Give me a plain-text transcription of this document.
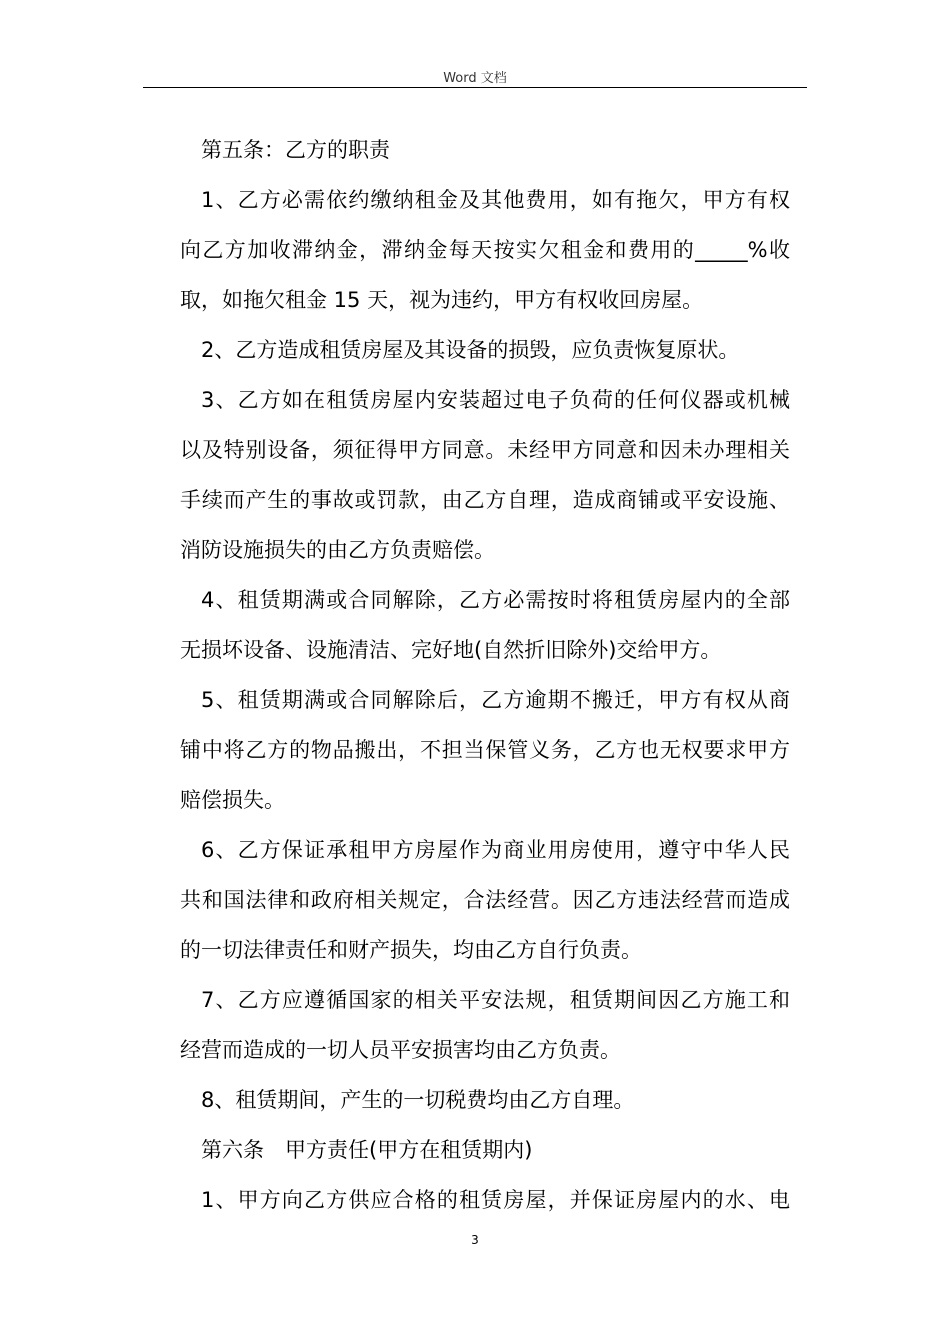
Word 文档
第五条：乙方的职责
1、乙方必需依约缴纳租金及其他费用，如有拖欠，甲方有权
向乙方加收滞纳金，滞纳金每天按实欠租金和费用的_____%收
取，如拖欠租金 15 天，视为违约，甲方有权收回房屋。
2、乙方造成租赁房屋及其设备的损毁，应负责恢复原状。
3、乙方如在租赁房屋内安装超过电子负荷的任何仪器或机械
以及特别设备，须征得甲方同意。未经甲方同意和因未办理相关
手续而产生的事故或罚款，由乙方自理，造成商铺或平安设施、
消防设施损失的由乙方负责赔偿。
4、租赁期满或合同解除，乙方必需按时将租赁房屋内的全部
无损坏设备、设施清洁、完好地(自然折旧除外)交给甲方。
5、租赁期满或合同解除后，乙方逾期不搬迁，甲方有权从商
铺中将乙方的物品搬出，不担当保管义务，乙方也无权要求甲方
赔偿损失。
6、乙方保证承租甲方房屋作为商业用房使用，遵守中华人民
共和国法律和政府相关规定，合法经营。因乙方违法经营而造成
的一切法律责任和财产损失，均由乙方自行负责。
7、乙方应遵循国家的相关平安法规，租赁期间因乙方施工和
经营而造成的一切人员平安损害均由乙方负责。
8、租赁期间，产生的一切税费均由乙方自理。
第六条　甲方责任(甲方在租赁期内)
1、甲方向乙方供应合格的租赁房屋，并保证房屋内的水、电
3
